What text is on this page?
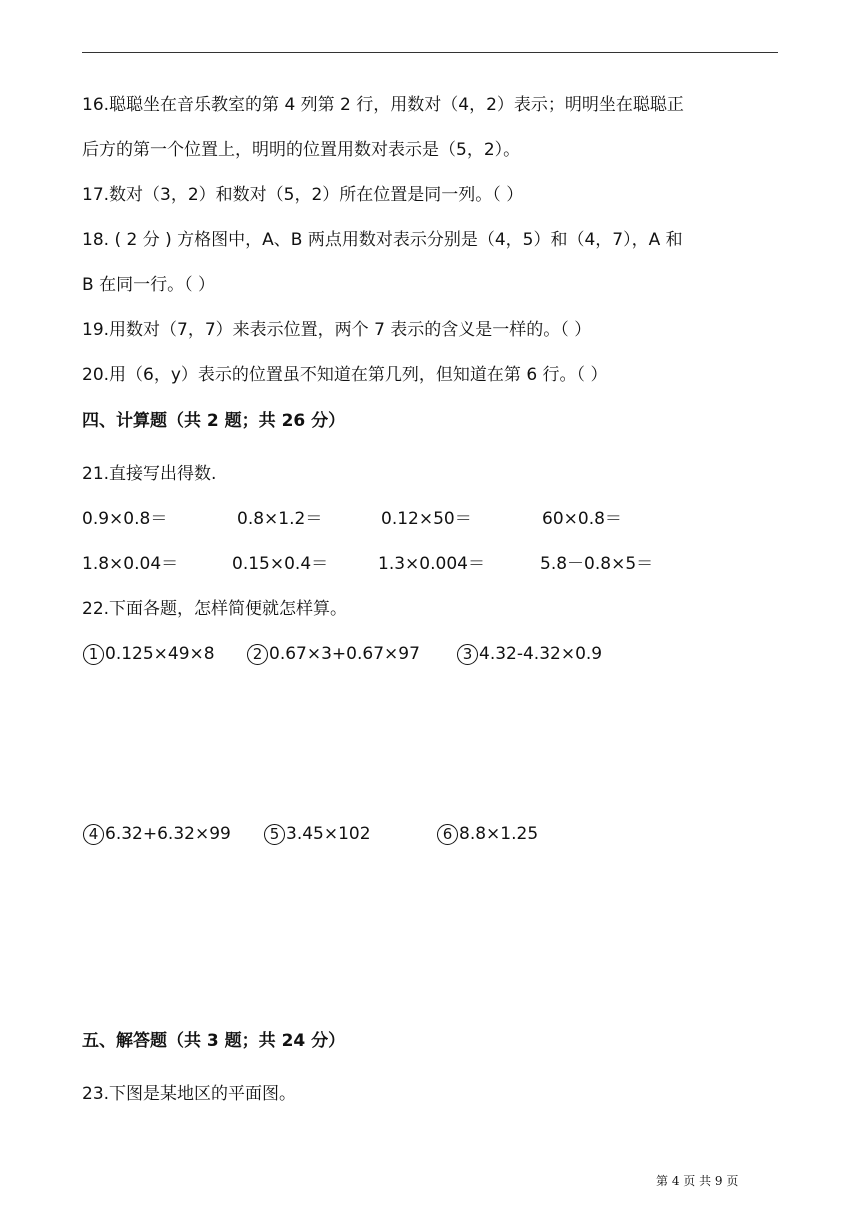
16.聪聪坐在音乐教室的第 4 列第 2 行，用数对（4，2）表示；明明坐在聪聪正
后方的第一个位置上，明明的位置用数对表示是（5，2）。
17.数对（3，2）和数对（5，2）所在位置是同一列。（ ）
18. ( 2 分 ) 方格图中，A、B 两点用数对表示分别是（4，5）和（4，7），A 和
B 在同一行。（ ）
19.用数对（7，7）来表示位置，两个 7 表示的含义是一样的。（ ）
20.用（6，y）表示的位置虽不知道在第几列，但知道在第 6 行。（ ）
四、计算题（共 2 题；共 26 分）
21.直接写出得数.
0.9×0.8＝	0.8×1.2＝	0.12×50＝	60×0.8＝
1.8×0.04＝	0.15×0.4＝	1.3×0.004＝	5.8－0.8×5＝
22.下面各题，怎样简便就怎样算。
1 0.125×49×8	2 0.67×3+0.67×97	3 4.32-4.32×0.9
4 6.32+6.32×99	5 3.45×102	6 8.8×1.25
五、解答题（共 3 题；共 24 分）
23.下图是某地区的平面图。
第 4 页 共 9 页
